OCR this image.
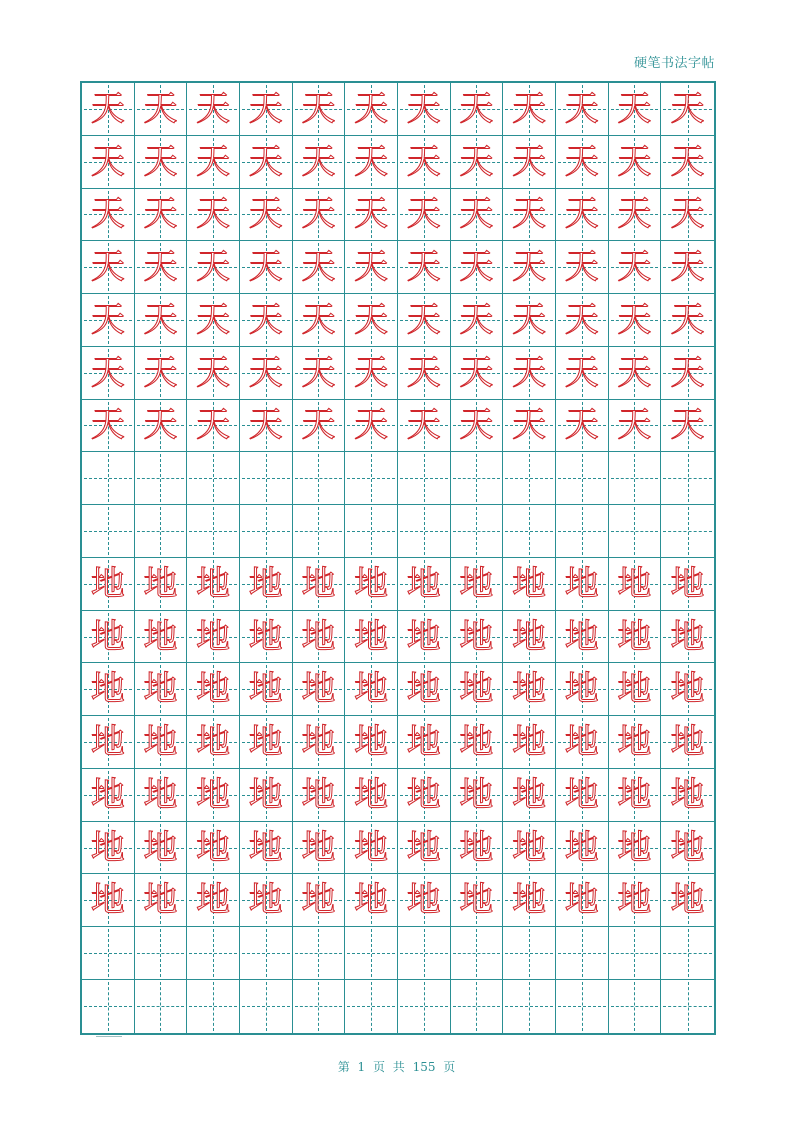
硬笔书法字帖
天 天 天 天 天 天 天 天 天 天 天 天
天 天 天 天 天 天 天 天 天 天 天 天
天 天 天 天 天 天 天 天 天 天 天 天
天 天 天 天 天 天 天 天 天 天 天 天
天 天 天 天 天 天 天 天 天 天 天 天
天 天 天 天 天 天 天 天 天 天 天 天
天 天 天 天 天 天 天 天 天 天 天 天
地 地 地 地 地 地 地 地 地 地 地 地
地 地 地 地 地 地 地 地 地 地 地 地
地 地 地 地 地 地 地 地 地 地 地 地
地 地 地 地 地 地 地 地 地 地 地 地
地 地 地 地 地 地 地 地 地 地 地 地
地 地 地 地 地 地 地 地 地 地 地 地
地 地 地 地 地 地 地 地 地 地 地 地
第 1 页 共 155 页
